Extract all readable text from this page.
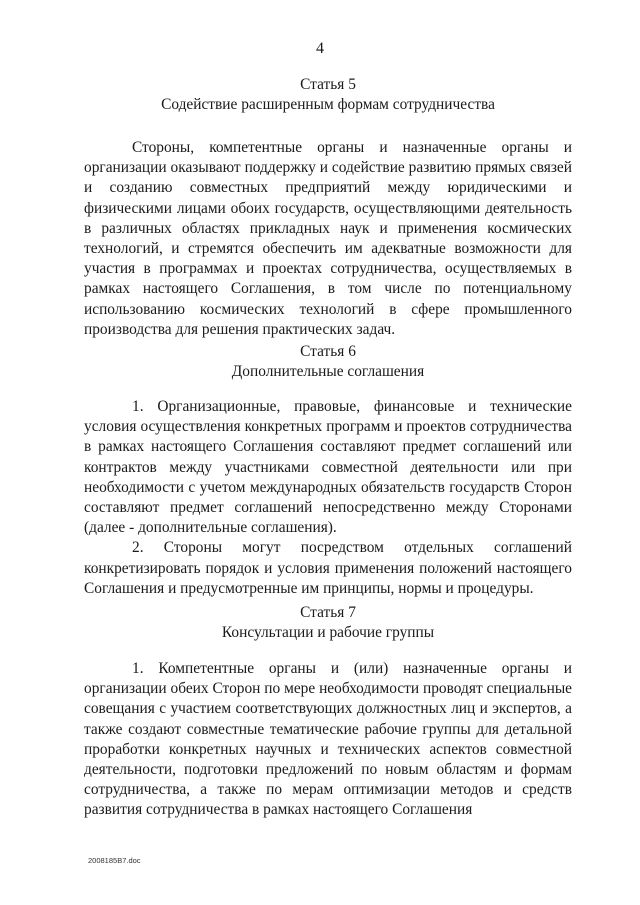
4
Статья 5
Содействие расширенным формам сотрудничества

Стороны, компетентные органы и назначенные органы и организации оказывают поддержку и содействие развитию прямых связей и созданию совместных предприятий между юридическими и физическими лицами обоих государств, осуществляющими деятельность в различных областях прикладных наук и применения космических технологий, и стремятся обеспечить им адекватные возможности для участия в программах и проектах сотрудничества, осуществляемых в рамках настоящего Соглашения, в том числе по потенциальному использованию космических технологий в сфере промышленного производства для решения практических задач.

Статья 6
Дополнительные соглашения

1. Организационные, правовые, финансовые и технические условия осуществления конкретных программ и проектов сотрудничества в рамках настоящего Соглашения составляют предмет соглашений или контрактов между участниками совместной деятельности или при необходимости с учетом международных обязательств государств Сторон составляют предмет соглашений непосредственно между Сторонами (далее - дополнительные соглашения).

2. Стороны могут посредством отдельных соглашений конкретизировать порядок и условия применения положений настоящего Соглашения и предусмотренные им принципы, нормы и процедуры.

Статья 7
Консультации и рабочие группы

1. Компетентные органы и (или) назначенные органы и организации обеих Сторон по мере необходимости проводят специальные совещания с участием соответствующих должностных лиц и экспертов, а также создают совместные тематические рабочие группы для детальной проработки конкретных научных и технических аспектов совместной деятельности, подготовки предложений по новым областям и формам сотрудничества, а также по мерам оптимизации методов и средств развития сотрудничества в рамках настоящего Соглашения

2008185В7.doc
